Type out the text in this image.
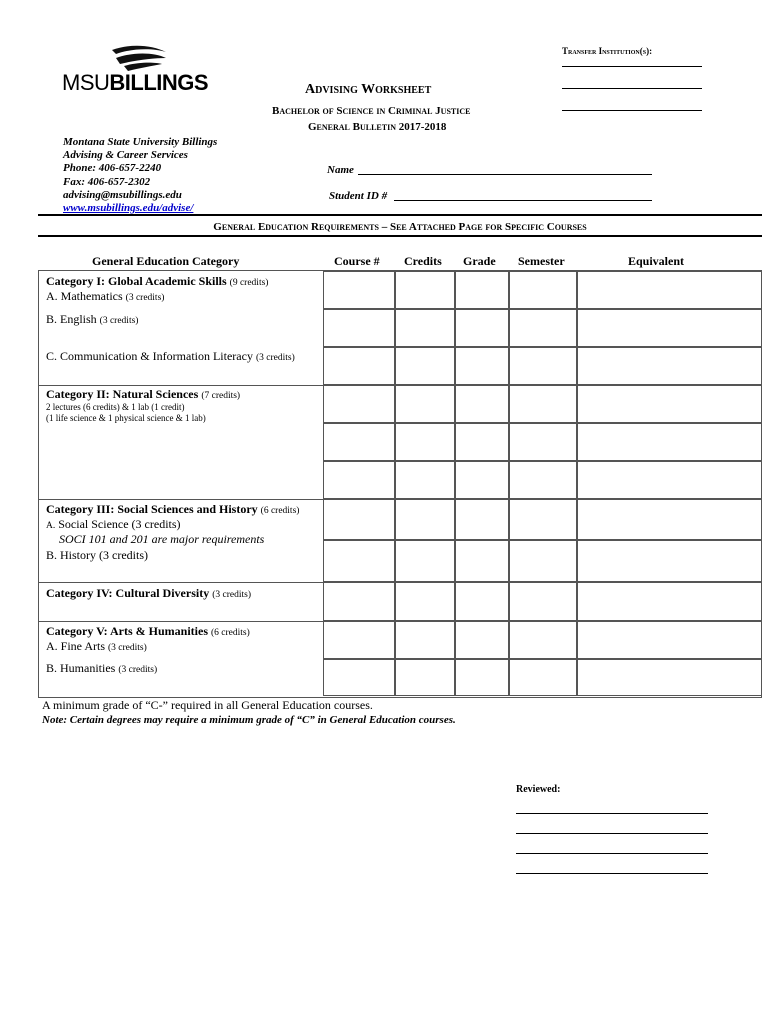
MSUBILLINGS	Advising Worksheet
Bachelor of Science in Criminal Justice
General Bulletin 2017-2018
Transfer Institution(s):
Montana State University Billings
Advising & Career Services
Phone: 406-657-2240
Fax: 406-657-2302
advising@msubillings.edu
www.msubillings.edu/advise/
Name
Student ID #
General Education Requirements – See Attached Page for Specific Courses
General Education Category	Course # Credits Grade Semester	Equivalent
Category I: Global Academic Skills (9 credits)
A. Mathematics (3 credits)
B. English (3 credits)
C. Communication & Information Literacy (3 credits)
Category II: Natural Sciences (7 credits)
2 lectures (6 credits) & 1 lab (1 credit)
(1 life science & 1 physical science & 1 lab)
Category III: Social Sciences and History (6 credits)
A. Social Science (3 credits)
SOCI 101 and 201 are major requirements
B. History (3 credits)
Category IV: Cultural Diversity (3 credits)
Category V: Arts & Humanities (6 credits)
A. Fine Arts (3 credits)
B. Humanities (3 credits)
A minimum grade of “C-” required in all General Education courses.
Note: Certain degrees may require a minimum grade of “C” in General Education courses.
Reviewed:
